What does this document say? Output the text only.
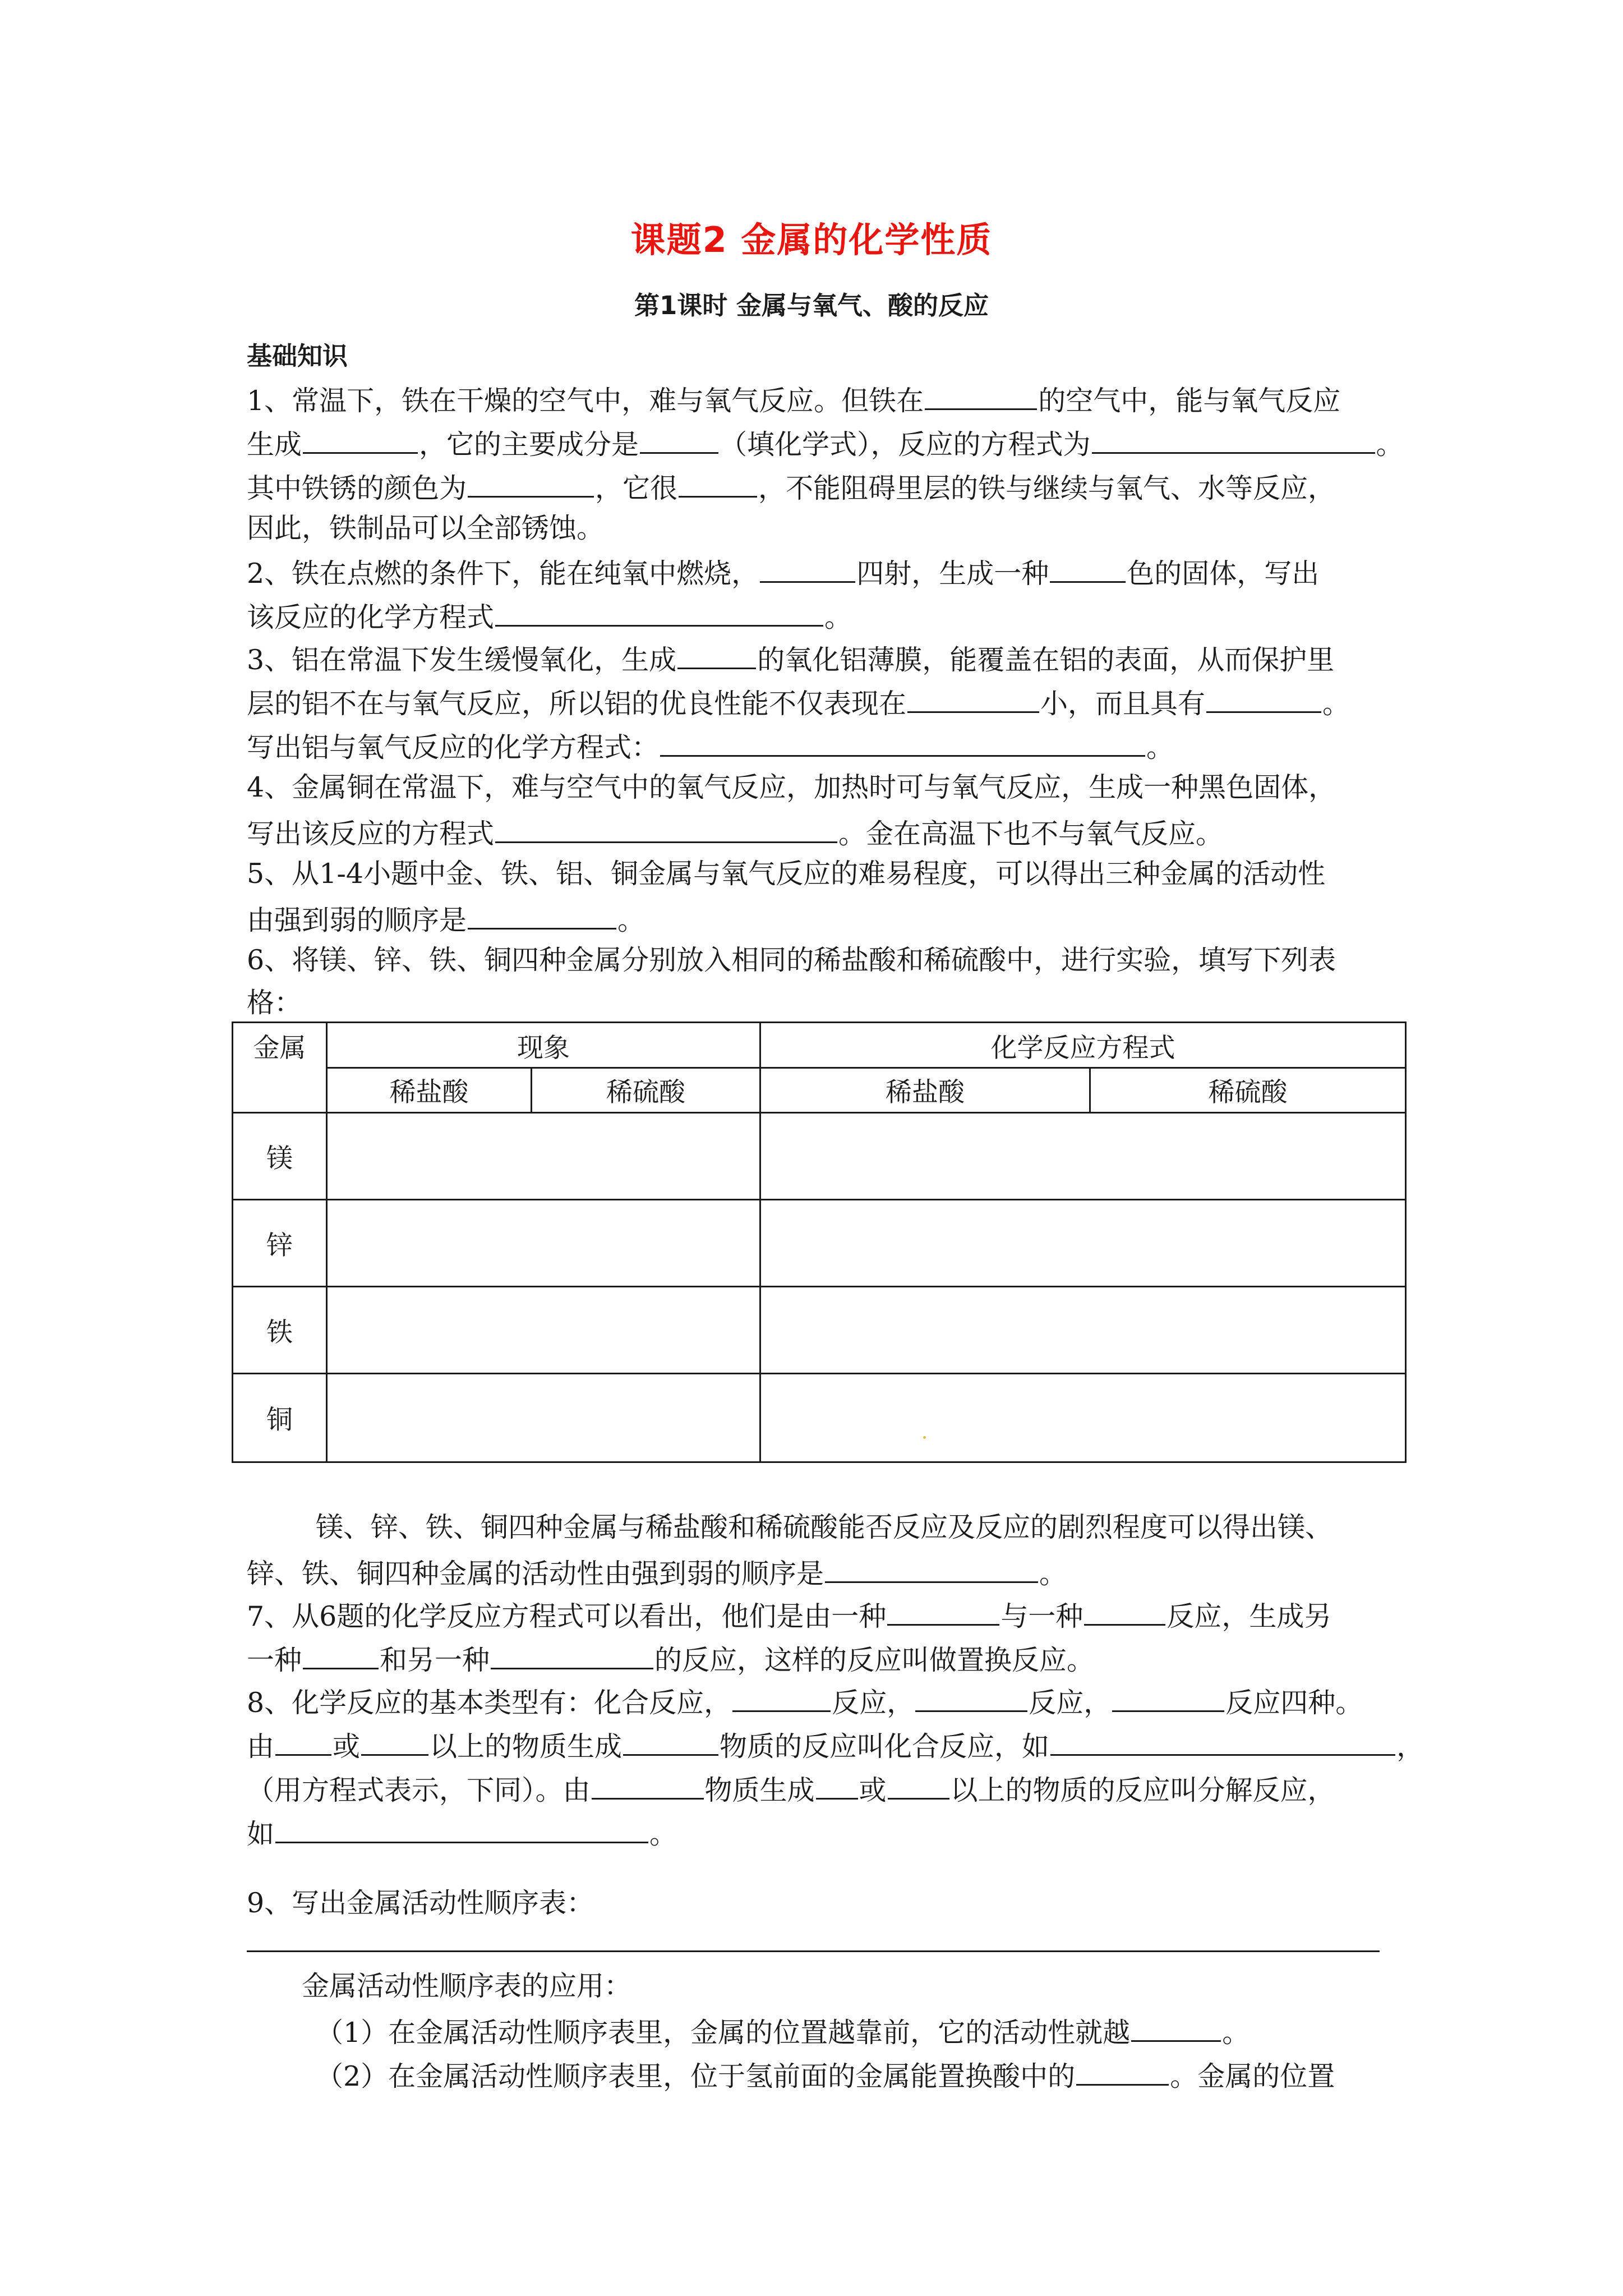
课题2 金属的化学性质
第1课时 金属与氧气、酸的反应
基础知识
1、常温下，铁在干燥的空气中，难与氧气反应。但铁在	的空气中，能与氧气反应
生成	，它的主要成分是	（填化学式），反应的方程式为	。
其中铁锈的颜色为	，它很	，不能阻碍里层的铁与继续与氧气、水等反应，
因此，铁制品可以全部锈蚀。
2、铁在点燃的条件下，能在纯氧中燃烧，	四射，生成一种	色的固体，写出
该反应的化学方程式	。
3、铝在常温下发生缓慢氧化，生成	的氧化铝薄膜，能覆盖在铝的表面，从而保护里
层的铝不在与氧气反应，所以铝的优良性能不仅表现在	小，而且具有	。
写出铝与氧气反应的化学方程式：	。
4、金属铜在常温下，难与空气中的氧气反应，加热时可与氧气反应，生成一种黑色固体，
写出该反应的方程式	。金在高温下也不与氧气反应。
5、从1-4小题中金、铁、铝、铜金属与氧气反应的难易程度，可以得出三种金属的活动性
由强到弱的顺序是	。
6、将镁、锌、铁、铜四种金属分别放入相同的稀盐酸和稀硫酸中，进行实验，填写下列表
格：
金属	现象	化学反应方程式
稀盐酸	稀硫酸	稀盐酸	稀硫酸
镁
锌
铁
铜
镁、锌、铁、铜四种金属与稀盐酸和稀硫酸能否反应及反应的剧烈程度可以得出镁、
锌、铁、铜四种金属的活动性由强到弱的顺序是	。
7、从6题的化学反应方程式可以看出，他们是由一种	与一种	反应，生成另
一种	和另一种	的反应，这样的反应叫做置换反应。
8、化学反应的基本类型有：化合反应，	反应，	反应，	反应四种。
由 或	以上的物质生成	物质的反应叫化合反应，如	，
（用方程式表示，下同）。由	物质生成 或 以上的物质的反应叫分解反应，
如	。
9、写出金属活动性顺序表：
金属活动性顺序表的应用：
（1）在金属活动性顺序表里，金属的位置越靠前，它的活动性就越	。
（2）在金属活动性顺序表里，位于氢前面的金属能置换酸中的	。金属的位置
